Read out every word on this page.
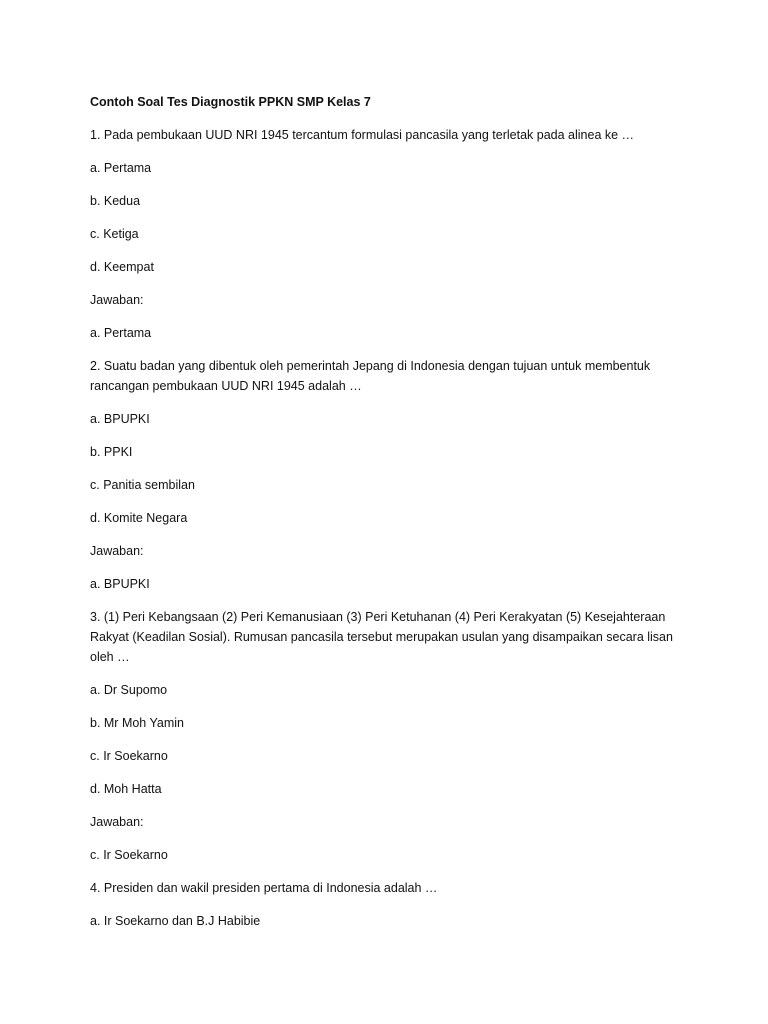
Contoh Soal Tes Diagnostik PPKN SMP Kelas 7

1. Pada pembukaan UUD NRI 1945 tercantum formulasi pancasila yang terletak pada alinea ke …

a. Pertama

b. Kedua

c. Ketiga

d. Keempat

Jawaban:

a. Pertama

2. Suatu badan yang dibentuk oleh pemerintah Jepang di Indonesia dengan tujuan untuk membentuk rancangan pembukaan UUD NRI 1945 adalah …

a. BPUPKI

b. PPKI

c. Panitia sembilan

d. Komite Negara

Jawaban:

a. BPUPKI

3. (1) Peri Kebangsaan (2) Peri Kemanusiaan (3) Peri Ketuhanan (4) Peri Kerakyatan (5) Kesejahteraan Rakyat (Keadilan Sosial). Rumusan pancasila tersebut merupakan usulan yang disampaikan secara lisan oleh …

a. Dr Supomo

b. Mr Moh Yamin

c. Ir Soekarno

d. Moh Hatta

Jawaban:

c. Ir Soekarno

4. Presiden dan wakil presiden pertama di Indonesia adalah …

a. Ir Soekarno dan B.J Habibie
